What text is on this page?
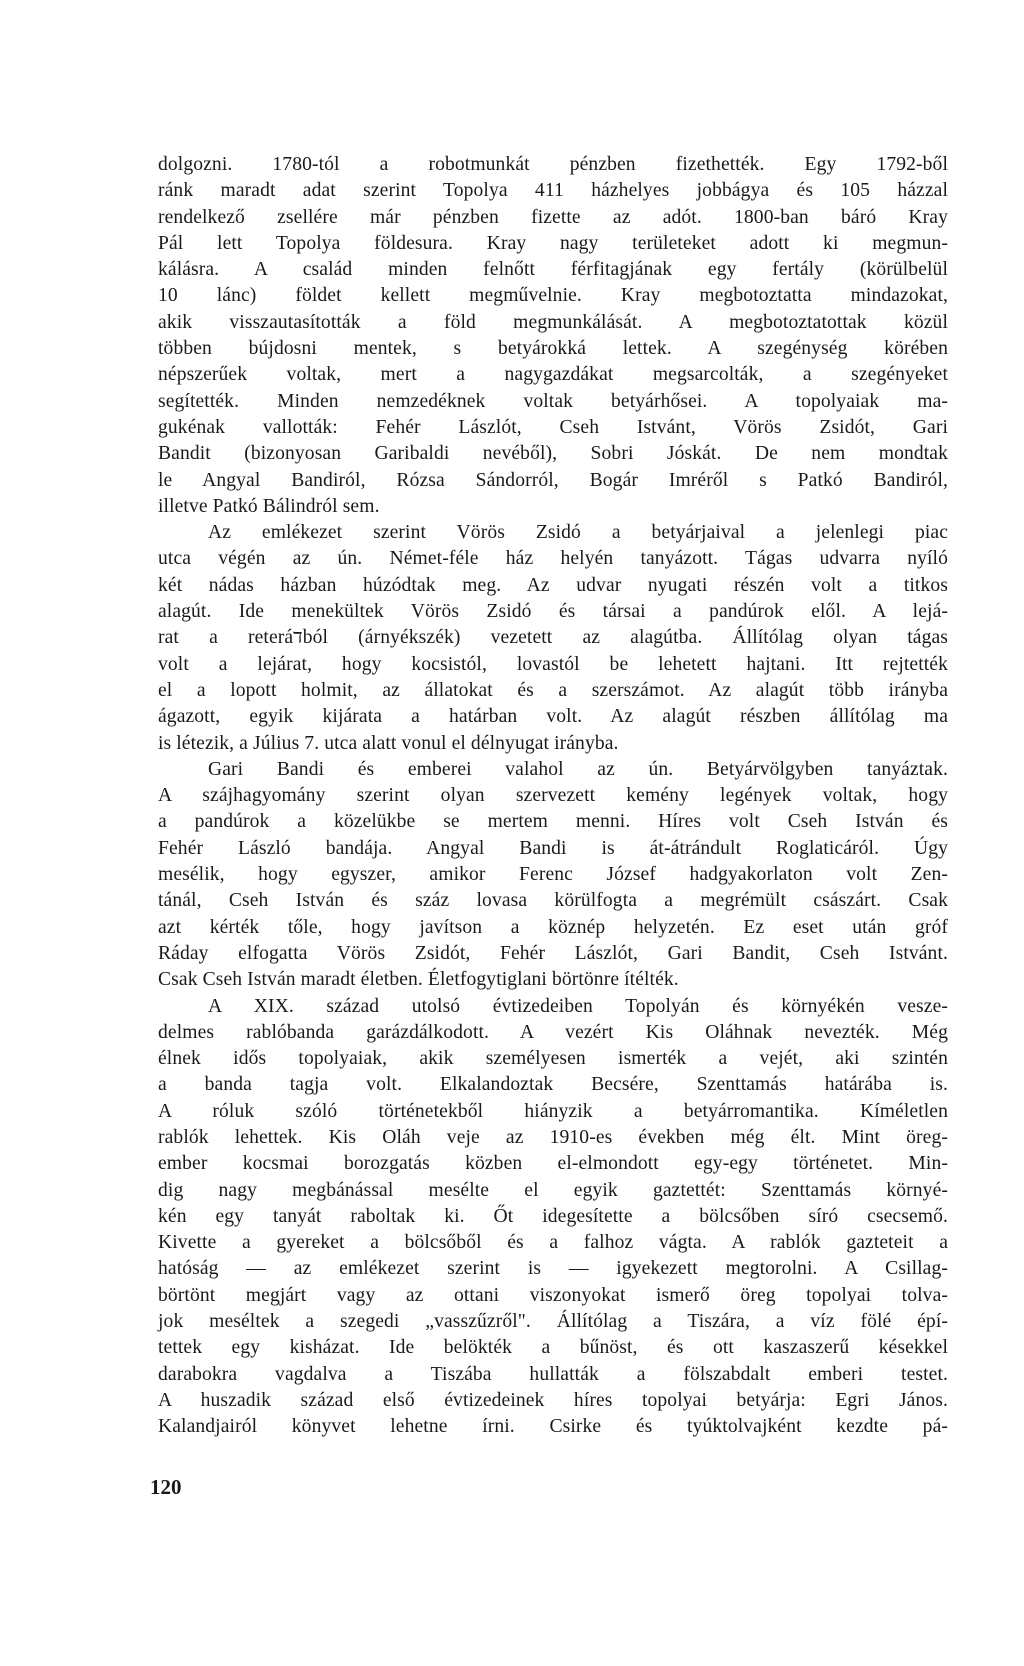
dolgozni. 1780-tól a robotmunkát pénzben fizethették. Egy 1792-ből
ránk maradt adat szerint Topolya 411 házhelyes jobbágya és 105 házzal
rendelkező zsellére már pénzben fizette az adót. 1800-ban báró Kray
Pál lett Topolya földesura. Kray nagy területeket adott ki megmun-
kálásra. A család minden felnőtt férfitagjának egy fertály (körülbelül
10 lánc) földet kellett megművelnie. Kray megbotoztatta mindazokat,
akik visszautasították a föld megmunkálását. A megbotoztatottak közül
többen bújdosni mentek, s betyárokká lettek. A szegénység körében
népszerűek voltak, mert a nagygazdákat megsarcolták, a szegényeket
segítették. Minden nemzedéknek voltak betyárhősei. A topolyaiak ma-
gukénak vallották: Fehér Lászlót, Cseh Istvánt, Vörös Zsidót, Gari
Bandit (bizonyosan Garibaldi nevéből), Sobri Jóskát. De nem mondtak
le Angyal Bandiról, Rózsa Sándorról, Bogár Imréről s Patkó Bandiról,
illetve Patkó Bálindról sem.
Az emlékezet szerint Vörös Zsidó a betyárjaival a jelenlegi piac
utca végén az ún. Német-féle ház helyén tanyázott. Tágas udvarra nyíló
két nádas házban húzódtak meg. Az udvar nyugati részén volt a titkos
alagút. Ide menekültek Vörös Zsidó és társai a pandúrok elől. A lejá-
rat a reteráדból (árnyékszék) vezetett az alagútba. Állítólag olyan tágas
volt a lejárat, hogy kocsistól, lovastól be lehetett hajtani. Itt rejtették
el a lopott holmit, az állatokat és a szerszámot. Az alagút több irányba
ágazott, egyik kijárata a határban volt. Az alagút részben állítólag ma
is létezik, a Július 7. utca alatt vonul el délnyugat irányba.
Gari Bandi és emberei valahol az ún. Betyárvölgyben tanyáztak.
A szájhagyomány szerint olyan szervezett kemény legények voltak, hogy
a pandúrok a közelükbe se mertem menni. Híres volt Cseh István és
Fehér László bandája. Angyal Bandi is át-átrándult Roglaticáról. Úgy
mesélik, hogy egyszer, amikor Ferenc József hadgyakorlaton volt Zen-
tánál, Cseh István és száz lovasa körülfogta a megrémült császárt. Csak
azt kérték tőle, hogy javítson a köznép helyzetén. Ez eset után gróf
Ráday elfogatta Vörös Zsidót, Fehér Lászlót, Gari Bandit, Cseh Istvánt.
Csak Cseh István maradt életben. Életfogytiglani börtönre ítélték.
A XIX. század utolsó évtizedeiben Topolyán és környékén vesze-
delmes rablóbanda garázdálkodott. A vezért Kis Oláhnak nevezték. Még
élnek idős topolyaiak, akik személyesen ismerték a vejét, aki szintén
a banda tagja volt. Elkalandoztak Becsére, Szenttamás határába is.
A róluk szóló történetekből hiányzik a betyárromantika. Kíméletlen
rablók lehettek. Kis Oláh veje az 1910-es években még élt. Mint öreg-
ember kocsmai borozgatás közben el-elmondott egy-egy történetet. Min-
dig nagy megbánással mesélte el egyik gaztettét: Szenttamás környé-
kén egy tanyát raboltak ki. Őt idegesítette a bölcsőben síró csecsemő.
Kivette a gyereket a bölcsőből és a falhoz vágta. A rablók gazteteit a
hatóság — az emlékezet szerint is — igyekezett megtorolni. A Csillag-
börtönt megjárt vagy az ottani viszonyokat ismerő öreg topolyai tolva-
jok meséltek a szegedi „vasszűzről". Állítólag a Tiszára, a víz fölé épí-
tettek egy kisházat. Ide belökték a bűnöst, és ott kaszaszerű késekkel
darabokra vagdalva a Tiszába hullatták a fölszabdalt emberi testet.
A huszadik század első évtizedeinek híres topolyai betyárja: Egri János.
Kalandjairól könyvet lehetne írni. Csirke és tyúktolvajként kezdte pá-
120
